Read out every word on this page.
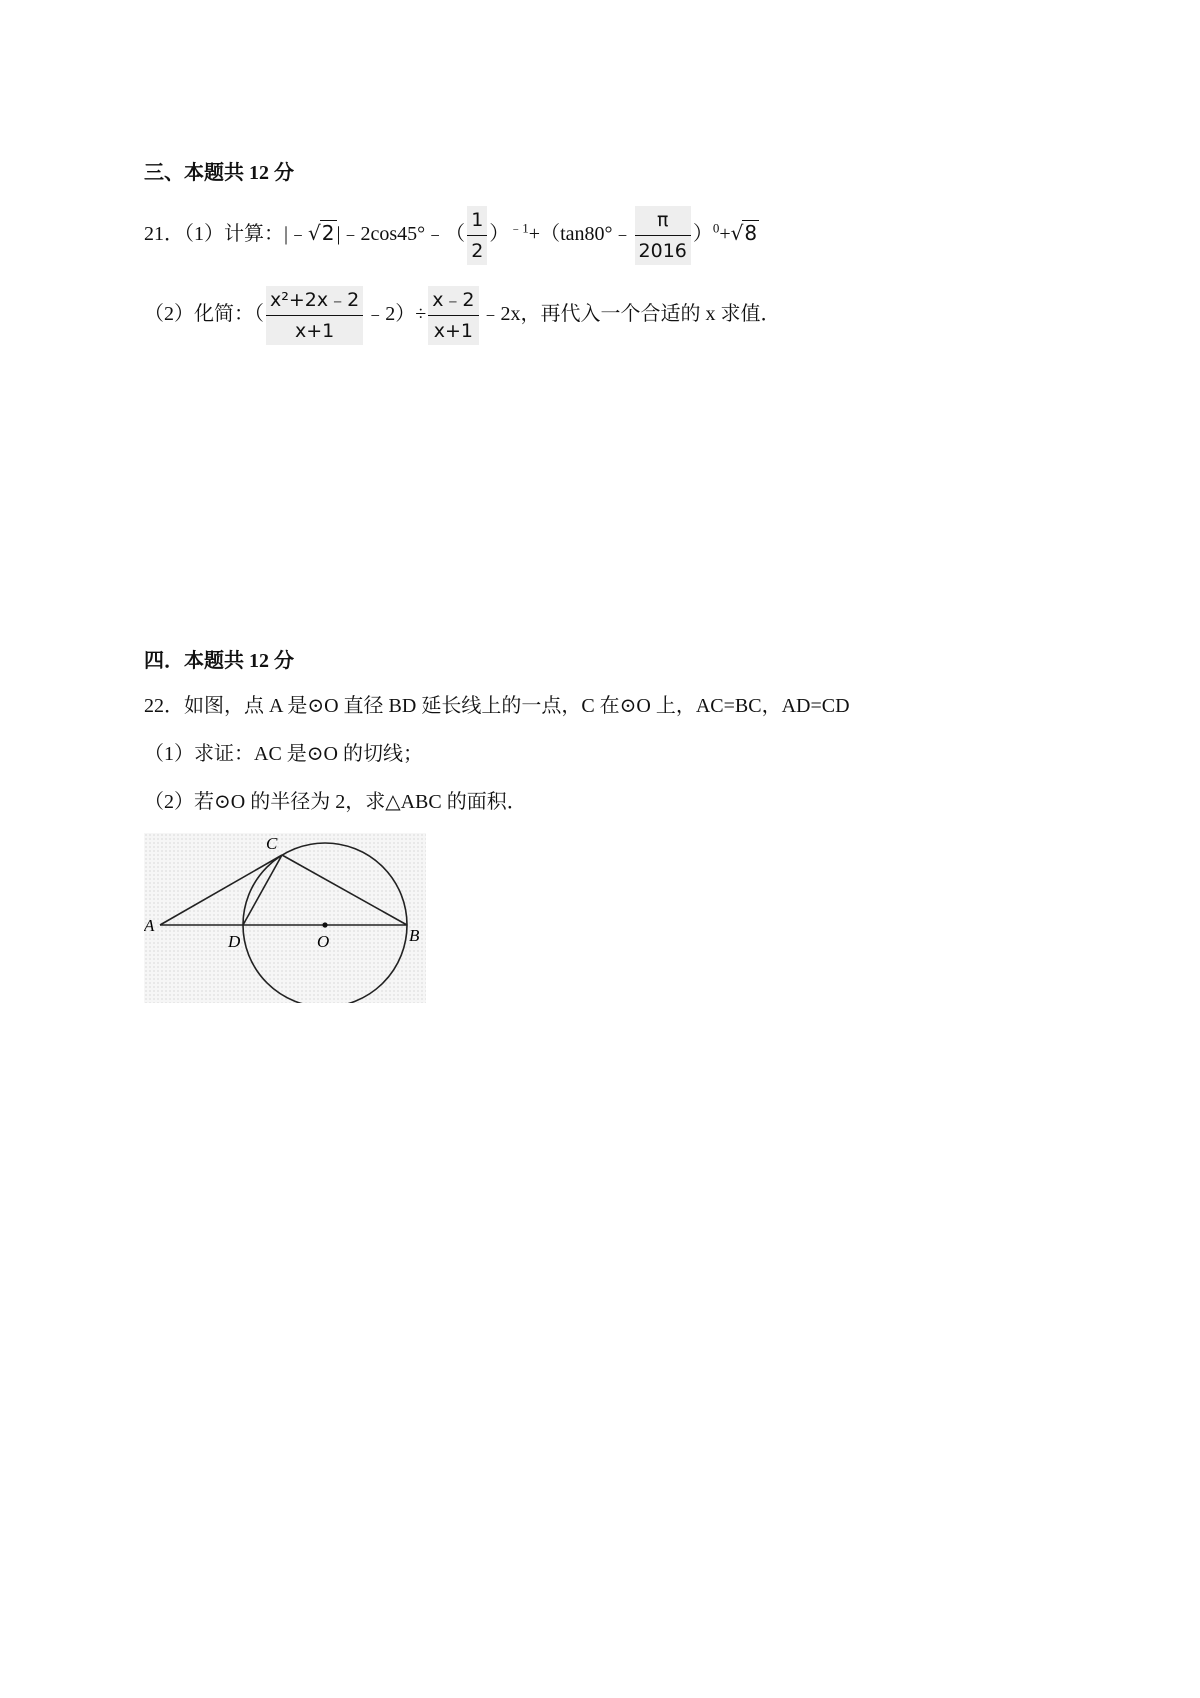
三、本题共 12 分
21．（1）计算：|﹣√2 |﹣2cos45°﹣（ $\frac{1}{2}$ ）$^{﹣1}$+（tan80°﹣ $\frac{\pi}{2016} )^0+√8$
（2）化简：（ $\frac{\text{x²+2x﹣2}}{x+1}$ ﹣2）÷ $\frac{x﹣2}{x+1}$ ﹣2x，再代入一个合适的 x 求值．
四．本题共 12 分
22．如图，点 A 是⊙O 直径 BD 延长线上的一点，C 在⊙O 上，AC=BC，AD=CD
（1）求证：AC 是⊙O 的切线；
（2）若⊙O 的半径为 2，求△ABC 的面积．
A
C
D	O	B
